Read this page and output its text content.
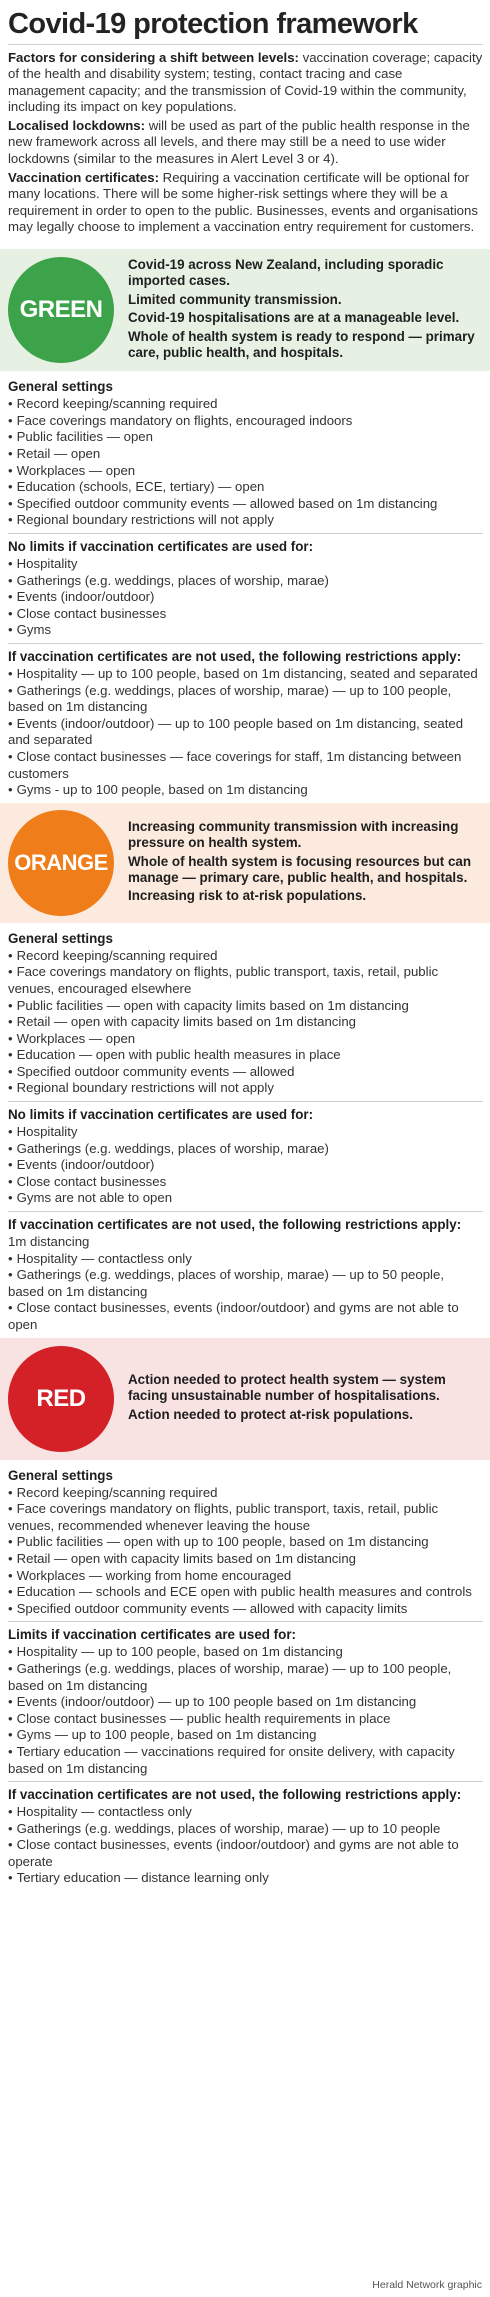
Covid-19 protection framework

Factors for considering a shift between levels: vaccination coverage; capacity of the health and disability system; testing, contact tracing and case management capacity; and the transmission of Covid-19 within the community, including its impact on key populations.

Localised lockdowns: will be used as part of the public health response in the new framework across all levels, and there may still be a need to use wider lockdowns (similar to the measures in Alert Level 3 or 4).

Vaccination certificates: Requiring a vaccination certificate will be optional for many locations. There will be some higher-risk settings where they will be a requirement in order to open to the public. Businesses, events and organisations may legally choose to implement a vaccination entry requirement for customers.

GREEN

Covid-19 across New Zealand, including sporadic imported cases.

Limited community transmission.

Covid-19 hospitalisations are at a manageable level.

Whole of health system is ready to respond — primary care, public health, and hospitals.

General settings
• Record keeping/scanning required
• Face coverings mandatory on flights, encouraged indoors
• Public facilities — open
• Retail — open
• Workplaces — open
• Education (schools, ECE, tertiary) — open
• Specified outdoor community events — allowed based on 1m distancing
• Regional boundary restrictions will not apply
No limits if vaccination certificates are used for:
• Hospitality
• Gatherings (e.g. weddings, places of worship, marae)
• Events (indoor/outdoor)
• Close contact businesses
• Gyms
If vaccination certificates are not used, the following restrictions apply:
• Hospitality — up to 100 people, based on 1m distancing, seated and separated
• Gatherings (e.g. weddings, places of worship, marae) — up to 100 people, based on 1m distancing
• Events (indoor/outdoor) — up to 100 people based on 1m distancing, seated and separated
• Close contact businesses — face coverings for staff, 1m distancing between customers
• Gyms - up to 100 people, based on 1m distancing
ORANGE

Increasing community transmission with increasing pressure on health system.

Whole of health system is focusing resources but can manage — primary care, public health, and hospitals.

Increasing risk to at-risk populations.

General settings
• Record keeping/scanning required
• Face coverings mandatory on flights, public transport, taxis, retail, public venues, encouraged elsewhere
• Public facilities — open with capacity limits based on 1m distancing
• Retail — open with capacity limits based on 1m distancing
• Workplaces — open
• Education — open with public health measures in place
• Specified outdoor community events — allowed
• Regional boundary restrictions will not apply
No limits if vaccination certificates are used for:
• Hospitality
• Gatherings (e.g. weddings, places of worship, marae)
• Events (indoor/outdoor)
• Close contact businesses
• Gyms are not able to open
If vaccination certificates are not used, the following restrictions apply:
1m distancing
• Hospitality — contactless only
• Gatherings (e.g. weddings, places of worship, marae) — up to 50 people, based on 1m distancing
• Close contact businesses, events (indoor/outdoor) and gyms are not able to open
RED

Action needed to protect health system — system facing unsustainable number of hospitalisations.

Action needed to protect at-risk populations.

General settings
• Record keeping/scanning required
• Face coverings mandatory on flights, public transport, taxis, retail, public venues, recommended whenever leaving the house
• Public facilities — open with up to 100 people, based on 1m distancing
• Retail — open with capacity limits based on 1m distancing
• Workplaces — working from home encouraged
• Education — schools and ECE open with public health measures and controls
• Specified outdoor community events — allowed with capacity limits
Limits if vaccination certificates are used for:
• Hospitality — up to 100 people, based on 1m distancing
• Gatherings (e.g. weddings, places of worship, marae) — up to 100 people, based on 1m distancing
• Events (indoor/outdoor) — up to 100 people based on 1m distancing
• Close contact businesses — public health requirements in place
• Gyms — up to 100 people, based on 1m distancing
• Tertiary education — vaccinations required for onsite delivery, with capacity based on 1m distancing
If vaccination certificates are not used, the following restrictions apply:
• Hospitality — contactless only
• Gatherings (e.g. weddings, places of worship, marae) — up to 10 people
• Close contact businesses, events (indoor/outdoor) and gyms are not able to operate
• Tertiary education — distance learning only
Herald Network graphic
